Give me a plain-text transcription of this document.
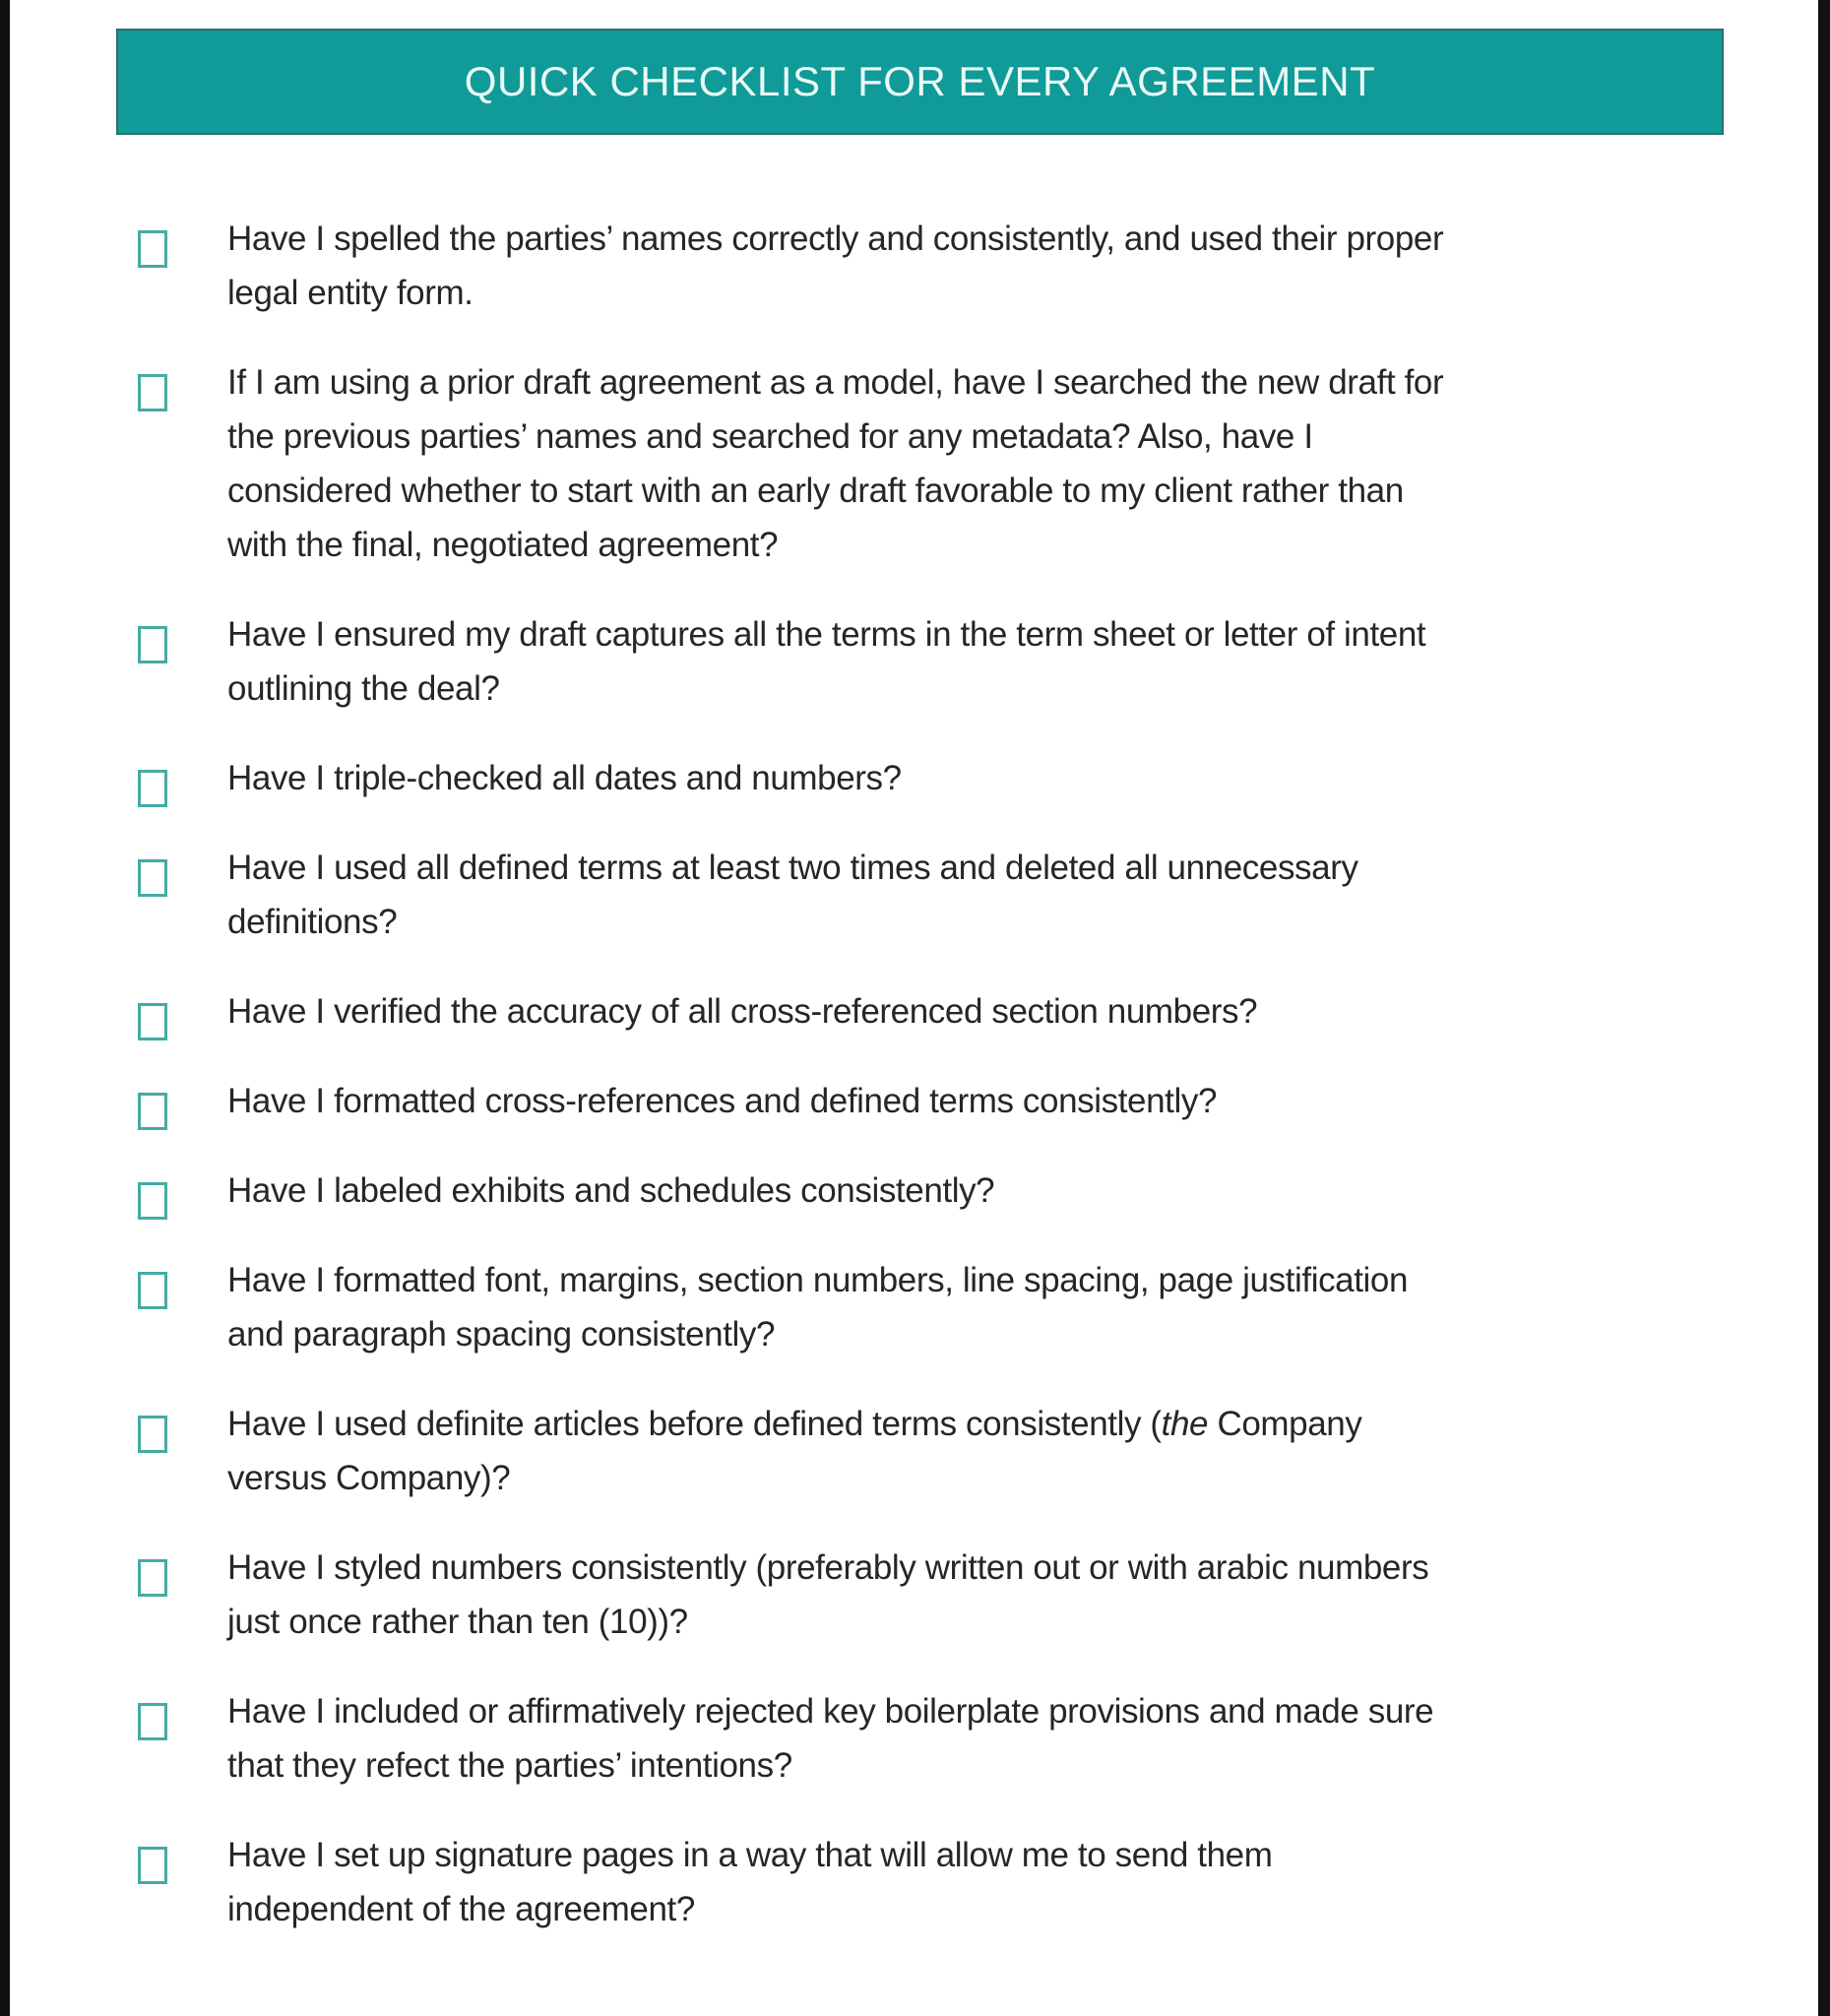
QUICK CHECKLIST FOR EVERY AGREEMENT
Have I spelled the parties’ names correctly and consistently, and used their proper
legal entity form.
If I am using a prior draft agreement as a model, have I searched the new draft for
the previous parties’ names and searched for any metadata? Also, have I
considered whether to start with an early draft favorable to my client rather than
with the final, negotiated agreement?
Have I ensured my draft captures all the terms in the term sheet or letter of intent
outlining the deal?
Have I triple-checked all dates and numbers?
Have I used all defined terms at least two times and deleted all unnecessary
definitions?
Have I verified the accuracy of all cross-referenced section numbers?
Have I formatted cross-references and defined terms consistently?
Have I labeled exhibits and schedules consistently?
Have I formatted font, margins, section numbers, line spacing, page justification
and paragraph spacing consistently?
Have I used definite articles before defined terms consistently (the Company
versus Company)?
Have I styled numbers consistently (preferably written out or with arabic numbers
just once rather than ten (10))?
Have I included or affirmatively rejected key boilerplate provisions and made sure
that they refect the parties’ intentions?
Have I set up signature pages in a way that will allow me to send them
independent of the agreement?
